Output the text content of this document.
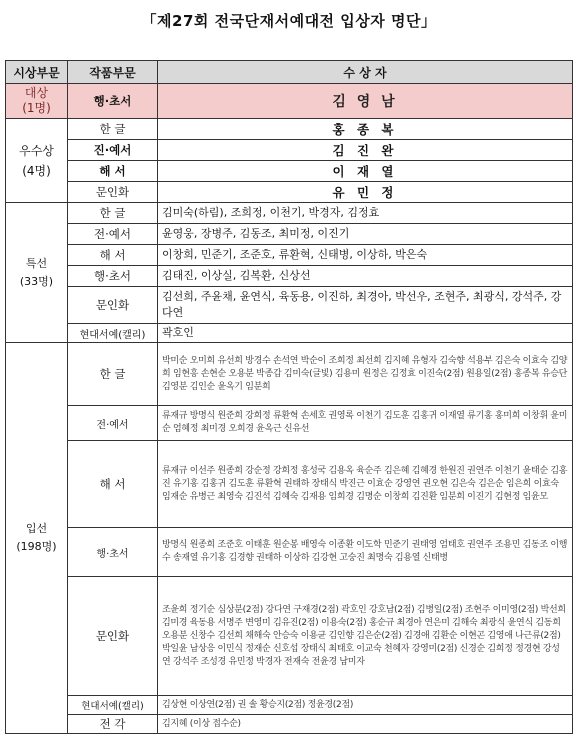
「제27회 전국단재서예대전 입상자 명단」
시상부문	작품부문	수 상 자
대상
(1명)	행·초서	김 영 남
우수상
(4명)	한 글	홍 종 복
	진·예서	김 진 완
	해 서	이 재 열
	문인화	유 민 정
특선
(33명)	한 글	김미숙(하림), 조희정, 이천기, 박경자, 김정효
	전·예서	윤영웅, 장병주, 김동조, 최미정, 이진기
	해 서	이창희, 민준기, 조준호, 류환혁, 신태병, 이상하, 박은숙
	행·초서	김태진, 이상실, 김복환, 신상선
	문인화	김선희, 주윤채, 윤연식, 육동용, 이진하, 최경아, 박선우, 조현주, 최광식, 강석주, 강다연
	현대서예(캘리)	곽호인
입선
(198명)	한 글	박미순 오미희 유선희 방경수 손석연 박순이 조희정 최선희 김지혜 유형자 김숙향 석용부 김은숙 이효숙 김양희 임현흥 손현순 오용분 박종갑 김미숙(글빛) 김용미 원정은 김정효 이진숙(2점) 원용일(2점) 홍종복 유승단 김영분 김인순 윤옥기 임분희
	전·예서	류재규 방명식 원준희 강희정 류환혁 손세호 권영록 이천기 김도훈 김홍귀 이재열 류기홍 홍미희 이창휘 윤미순 엄혜정 최미경 오희경 윤옥근 신유선
	해 서	류재규 이선주 원종희 강순정 강희정 홍성국 김용옥 육순주 김은혜 김혜경 한원진 권연주 이천기 윤태순 김홍진 유기홍 김홍귀 김도훈 류환혁 권태하 장태식 박진근 이효순 강영연 권오현 김은숙 김은순 임은희 이효숙 임재순 유병근 최영숙 김진석 김혜숙 김재용 임희경 김명순 이창희 김진환 임분희 이진기 김현정 임윤모
	행·초서	방명식 원종희 조준호 이태훈 원순봉 배영숙 이종환 이도학 민준기 권태영 엄태호 권연주 조용민 김동조 이행수 송재열 유기홍 김경향 권태하 이상하 김강현 고숭진 최명숙 김용열 신태병
	문인화	조윤희 정기순 심상분(2점) 강다연 구재경(2점) 곽호인 강호남(2점) 김병일(2점) 조현주 이미영(2점) 박선희 김미경 육동용 서명주 변영미 김유진(2점) 이용숙(2점) 홍순규 최경아 연은미 김해숙 최광식 윤연식 김동희 오용분 신창수 김선희 채해숙 안승숙 이용균 김인향 김은순(2점) 김경애 김환순 이현곤 김영애 나근류(2점) 박일윤 남상응 이민식 정재순 신호섭 장태식 최태호 이교숙 천혜자 강영미(2점) 신경순 김희정 정경현 강성연 강석주 조성경 유민정 박경자 전재숙 전윤경 남미자
	현대서예(캘리)	김상현 이상연(2점) 권 솔 황승지(2점) 정윤경(2점)
	전 각	김지혜 (이상 접수순)
